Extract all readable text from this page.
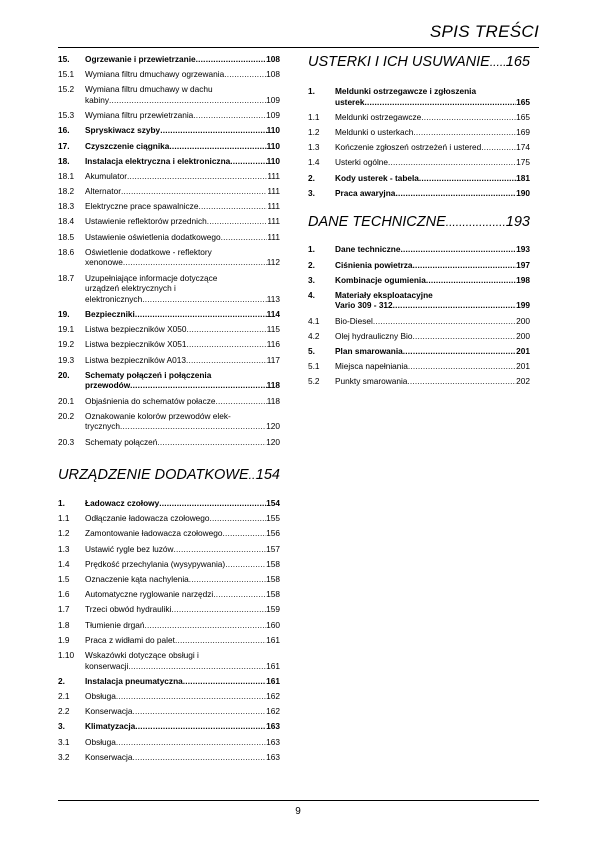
SPIS TREŚCI
15.	Ogrzewanie i przewietrzanie .....	108
15.1	Wymiana filtru dmuchawy ogrzewania .....	108
15.2	Wymiana filtru dmuchawy w dachu
kabiny .....	109
15.3	Wymiana filtru przewietrzania .....	109
16.	Spryskiwacz szyby .....	110
17.	Czyszczenie ciągnika .....	110
18.	Instalacja elektryczna i elektroniczna .....	110
18.1	Akumulator .....	111
18.2	Alternator .....	111
18.3	Elektryczne prace spawalnicze .....	111
18.4	Ustawienie reflektorów przednich .....	111
18.5	Ustawienie oświetlenia dodatkowego .....	111
18.6	Oświetlenie dodatkowe - reflektory
xenonowe .....	112
18.7	Uzupełniające informacje dotyczące
urządzeń elektrycznych i
elektronicznych .....	113
19.	Bezpieczniki .....	114
19.1	Listwa bezpieczników X050 .....	115
19.2	Listwa bezpieczników X051 .....	116
19.3	Listwa bezpieczników A013 .....	117
20.	Schematy połączeń i połączenia
przewodów .....	118
20.1	Objaśnienia do schematów połacze .....	118
20.2	Oznakowanie kolorów przewodów elek-
trycznych .....	120
20.3	Schematy połączeń .....	120
URZĄDZENIE DODATKOWE ..... 154
1.	Ładowacz czołowy .....	154
1.1	Odłączanie ładowacza czołowego .....	155
1.2	Zamontowanie ładowacza czołowego .....	156
1.3	Ustawić rygle bez luzów .....	157
1.4	Prędkość przechylania (wysypywania) .....	158
1.5	Oznaczenie kąta nachylenia .....	158
1.6	Automatyczne ryglowanie narzędzi .....	158
1.7	Trzeci obwód hydrauliki .....	159
1.8	Tłumienie drgań .....	160
1.9	Praca z widłami do palet .....	161
1.10	Wskazówki dotyczące obsługi i
konserwacji .....	161
2.	Instalacja pneumatyczna .....	161
2.1	Obsługa .....	162
2.2	Konserwacja .....	162
3.	Klimatyzacja .....	163
3.1	Obsługa .....	163
3.2	Konserwacja .....	163
USTERKI I ICH USUWANIE ..... 165
1.	Meldunki ostrzegawcze i zgłoszenia
usterek .....	165
1.1	Meldunki ostrzegawcze .....	165
1.2	Meldunki o usterkach .....	169
1.3	Kończenie zgłoszeń ostrzeżeń i ustered .....	174
1.4	Usterki ogólne .....	175
2.	Kody usterek - tabela .....	181
3.	Praca awaryjna .....	190
DANE TECHNICZNE .....	193
1.	Dane techniczne .....	193
2.	Ciśnienia powietrza .....	197
3.	Kombinacje ogumienia .....	198
4.	Materiały eksploatacyjne
Vario 309 - 312 .....	199
4.1	Bio-Diesel .....	200
4.2	Olej hydrauliczny Bio .....	200
5.	Plan smarowania .....	201
5.1	Miejsca napełniania .....	201
5.2	Punkty smarowania .....	202
9
